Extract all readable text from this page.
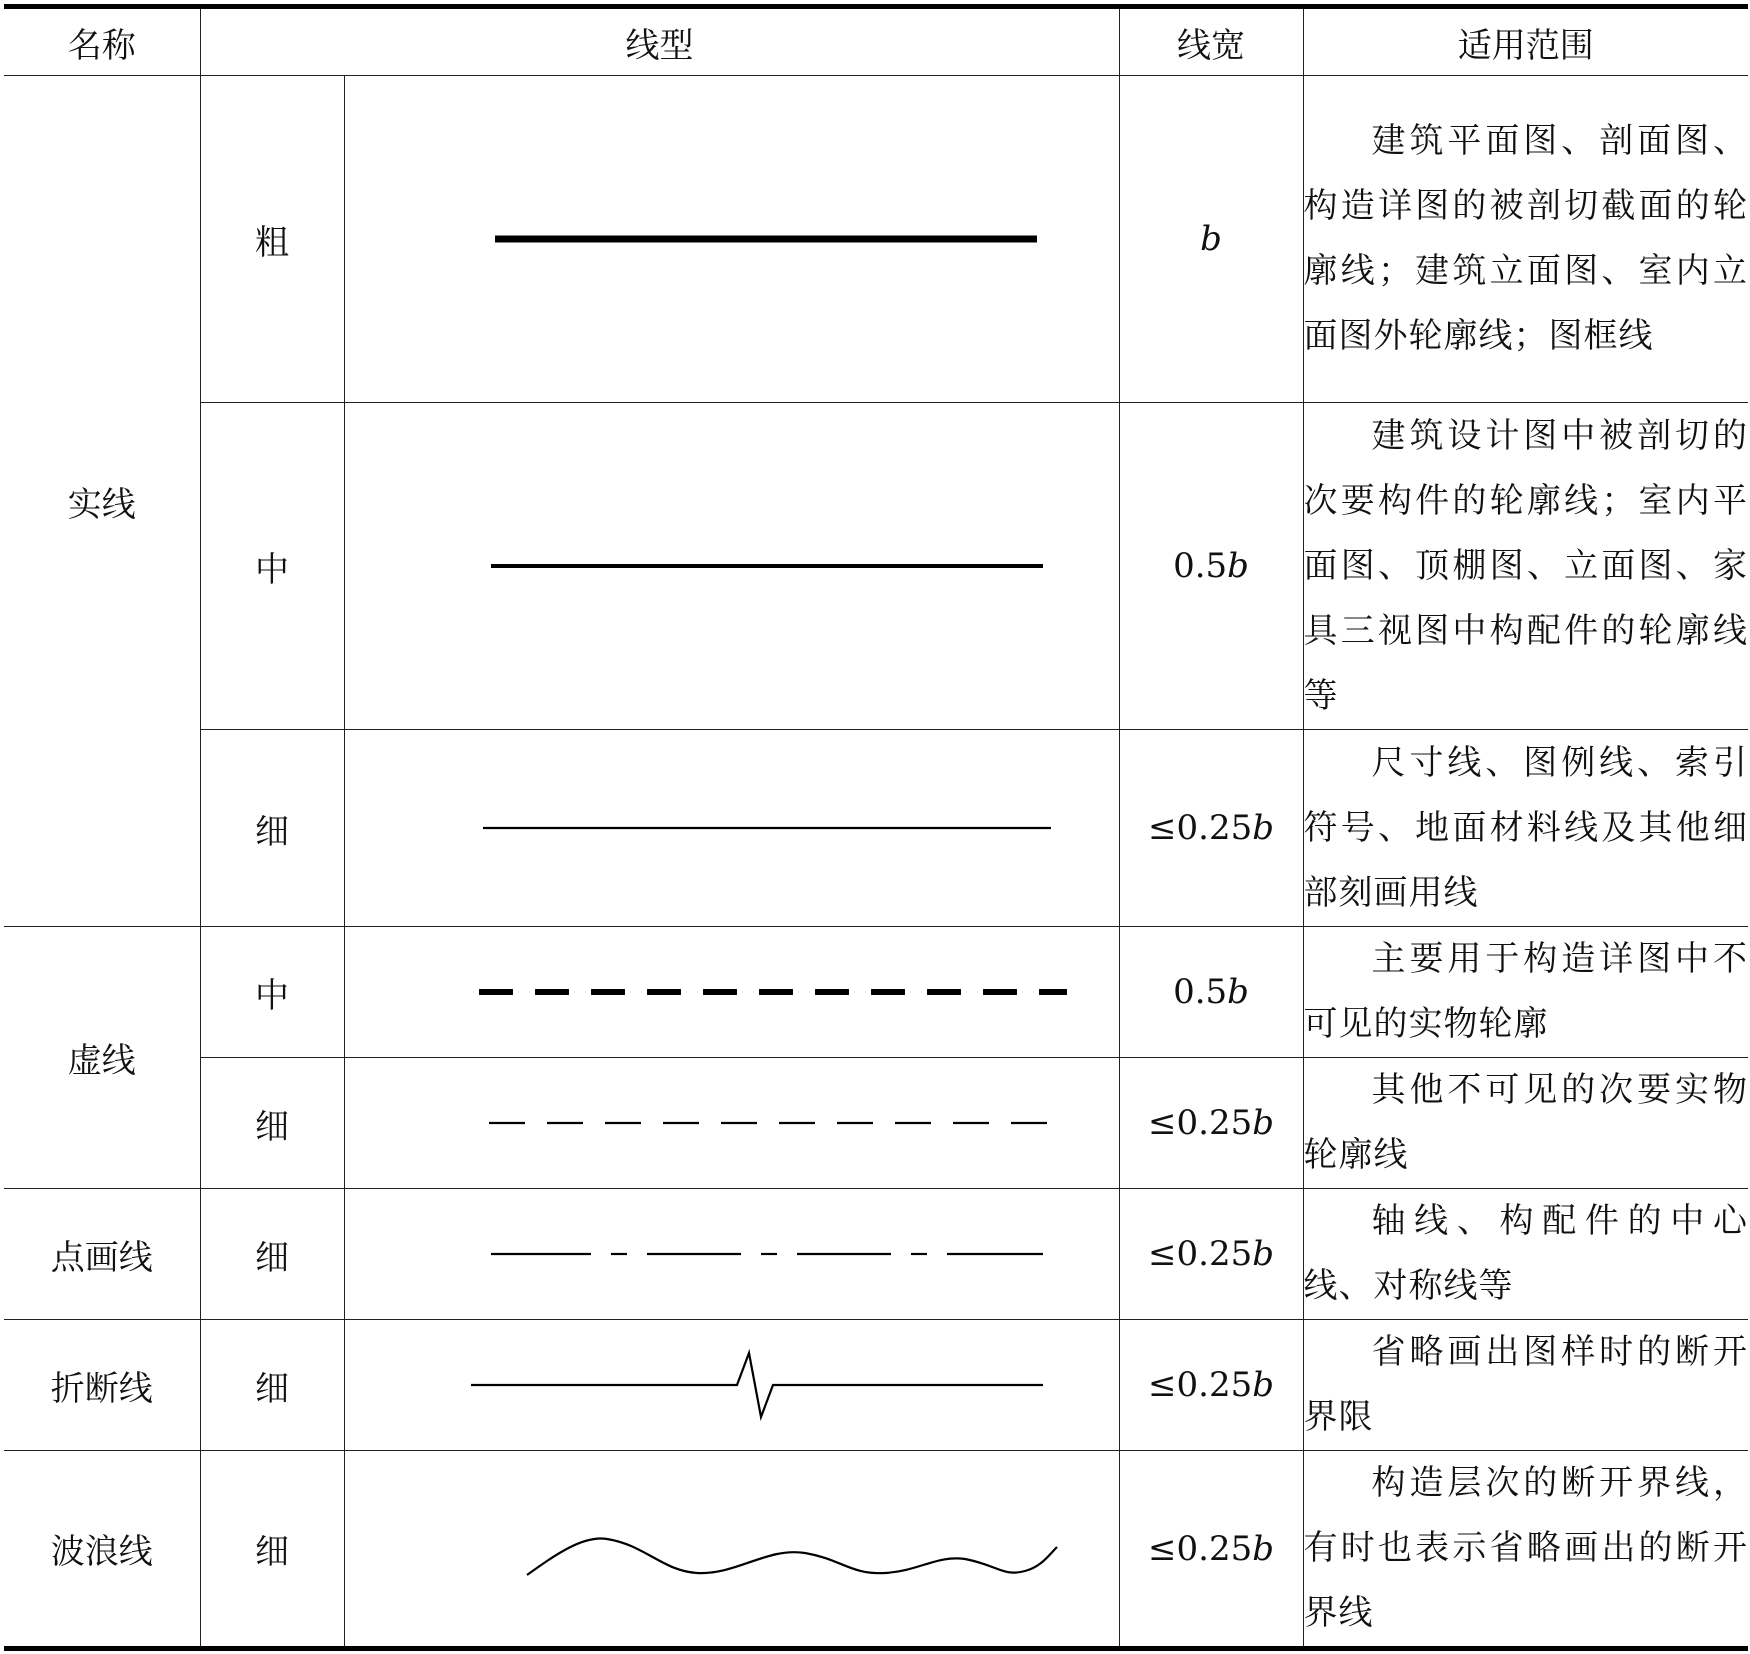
名称	线型		线宽	适用范围
实线	粗		b	建筑平面图、剖面图、构造详图的被剖切截面的轮廓线；建筑立面图、室内立面图外轮廓线；图框线
	中		0.5b	建筑设计图中被剖切的次要构件的轮廓线；室内平面图、顶棚图、立面图、家具三视图中构配件的轮廓线等
	细		≤0.25b	尺寸线、图例线、索引符号、地面材料线及其他细部刻画用线
虚线	中		0.5b	主要用于构造详图中不可见的实物轮廓
	细		≤0.25b	其他不可见的次要实物轮廓线
点画线	细		≤0.25b	轴线、构配件的中心线、对称线等
折断线	细		≤0.25b	省略画出图样时的断开界限
波浪线	细		≤0.25b	构造层次的断开界线，有时也表示省略画出的断开界线
